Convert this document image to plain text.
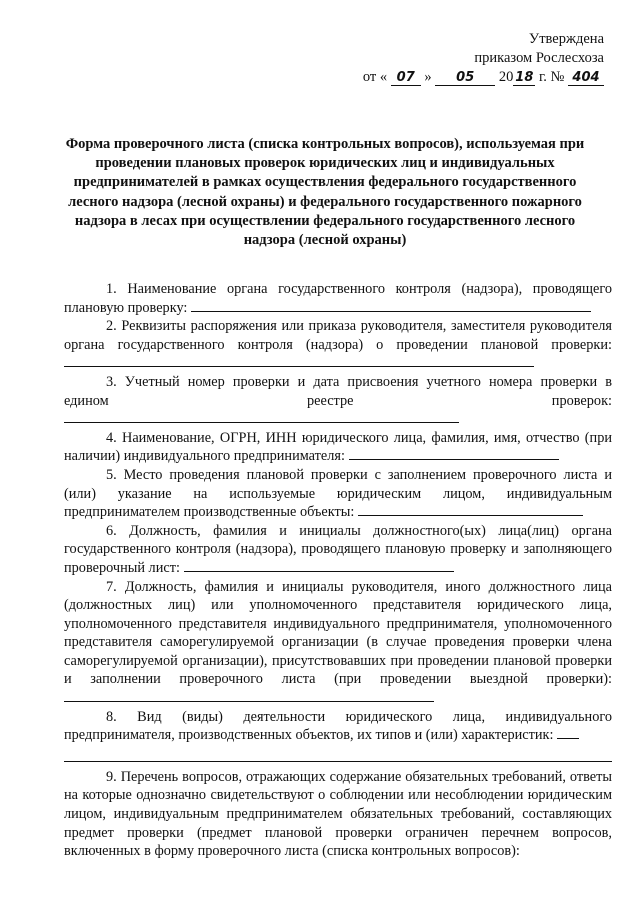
Утверждена
приказом Рослесхоза
от « 07 » 05 20 18 г. № 404
Форма проверочного листа (списка контрольных вопросов), используемая при проведении плановых проверок юридических лиц и индивидуальных предпринимателей в рамках осуществления федерального государственного лесного надзора (лесной охраны) и федерального государственного пожарного надзора в лесах при осуществлении федерального государственного лесного надзора (лесной охраны)

1. Наименование органа государственного контроля (надзора), проводящего плановую проверку:

2. Реквизиты распоряжения или приказа руководителя, заместителя руководителя органа государственного контроля (надзора) о проведении плановой проверки:

3. Учетный номер проверки и дата присвоения учетного номера проверки в едином реестре проверок:

4. Наименование, ОГРН, ИНН юридического лица, фамилия, имя, отчество (при наличии) индивидуального предпринимателя:

5. Место проведения плановой проверки с заполнением проверочного листа и (или) указание на используемые юридическим лицом, индивидуальным предпринимателем производственные объекты:

6. Должность, фамилия и инициалы должностного(ых) лица(лиц) органа государственного контроля (надзора), проводящего плановую проверку и заполняющего проверочный лист:

7. Должность, фамилия и инициалы руководителя, иного должностного лица (должностных лиц) или уполномоченного представителя юридического лица, уполномоченного представителя индивидуального предпринимателя, уполномоченного представителя саморегулируемой организации (в случае проведения проверки члена саморегулируемой организации), присутствовавших при проведении плановой проверки и заполнении проверочного листа (при проведении выездной проверки):

8. Вид (виды) деятельности юридического лица, индивидуального предпринимателя, производственных объектов, их типов и (или) характеристик:

9. Перечень вопросов, отражающих содержание обязательных требований, ответы на которые однозначно свидетельствуют о соблюдении или несоблюдении юридическим лицом, индивидуальным предпринимателем обязательных требований, составляющих предмет проверки (предмет плановой проверки ограничен перечнем вопросов, включенных в форму проверочного листа (списка контрольных вопросов):
